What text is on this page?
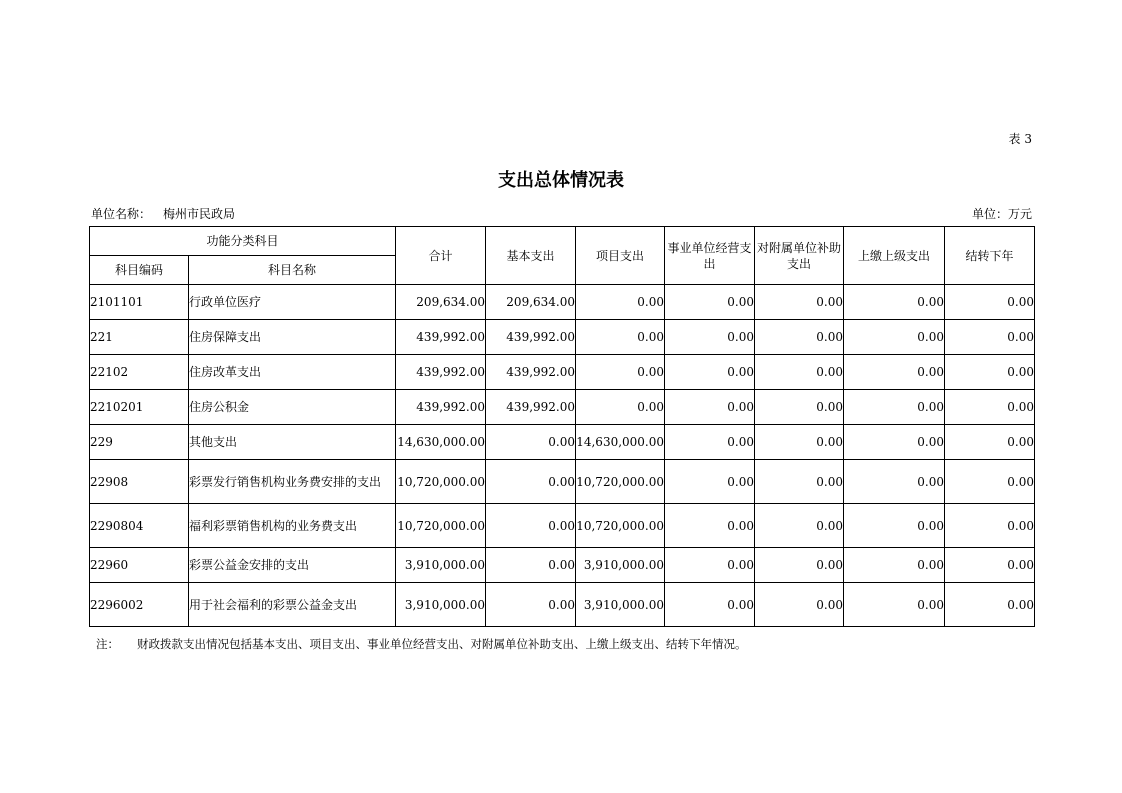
表 3
支出总体情况表
单位名称： 梅州市民政局	单位：万元
功能分类科目		合计	基本支出	项目支出	事业单位经营支出	对附属单位补助支出	上缴上级支出	结转下年
科目编码	科目名称							
2101101	行政单位医疗	209,634.00	209,634.00	0.00	0.00	0.00	0.00	0.00
221	住房保障支出	439,992.00	439,992.00	0.00	0.00	0.00	0.00	0.00
22102	住房改革支出	439,992.00	439,992.00	0.00	0.00	0.00	0.00	0.00
2210201	住房公积金	439,992.00	439,992.00	0.00	0.00	0.00	0.00	0.00
229	其他支出	14,630,000.00	0.00	14,630,000.00	0.00	0.00	0.00	0.00
22908	彩票发行销售机构业务费安排的支出	10,720,000.00	0.00	10,720,000.00	0.00	0.00	0.00	0.00
2290804	福利彩票销售机构的业务费支出	10,720,000.00	0.00	10,720,000.00	0.00	0.00	0.00	0.00
22960	彩票公益金安排的支出	3,910,000.00	0.00	3,910,000.00	0.00	0.00	0.00	0.00
2296002	用于社会福利的彩票公益金支出	3,910,000.00	0.00	3,910,000.00	0.00	0.00	0.00	0.00
注： 财政拨款支出情况包括基本支出、项目支出、事业单位经营支出、对附属单位补助支出、上缴上级支出、结转下年情况。
